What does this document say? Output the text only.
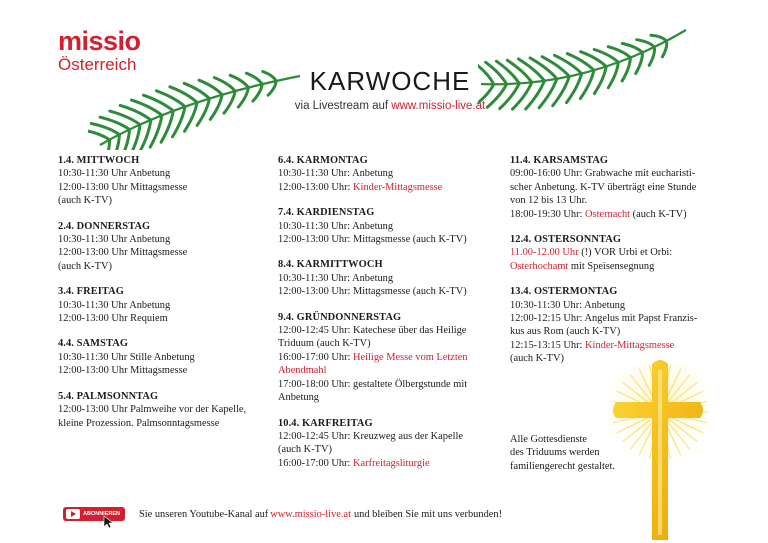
missio
Österreich
KARWOCHE
via Livestream auf www.missio-live.at
1.4. MITTWOCH
10:30-11:30 Uhr Anbetung
12:00-13:00 Uhr Mittagsmesse
(auch K-TV)
2.4. DONNERSTAG
10:30-11:30 Uhr Anbetung
12:00-13:00 Uhr Mittagsmesse
(auch K-TV)
3.4. FREITAG
10:30-11:30 Uhr Anbetung
12:00-13:00 Uhr Requiem
4.4. SAMSTAG
10:30-11:30 Uhr Stille Anbetung
12:00-13:00 Uhr Mittagsmesse
5.4. PALMSONNTAG
12:00-13:00 Uhr Palmweihe vor der Kapelle,
kleine Prozession. Palmsonntagsmesse
6.4. KARMONTAG
10:30-11:30 Uhr: Anbetung
12:00-13:00 Uhr: Kinder-Mittagsmesse
7.4. KARDIENSTAG
10:30-11:30 Uhr: Anbetung
12:00-13:00 Uhr: Mittagsmesse (auch K-TV)
8.4. KARMITTWOCH
10:30-11:30 Uhr: Anbetung
12:00-13:00 Uhr: Mittagsmesse (auch K-TV)
9.4. GRÜNDONNERSTAG
12:00-12:45 Uhr: Katechese über das Heilige
Triduum (auch K-TV)
16:00-17:00 Uhr: Heilige Messe vom Letzten
Abendmahl
17:00-18:00 Uhr: gestaltete Ölbergstunde mit
Anbetung
10.4. KARFREITAG
12:00-12:45 Uhr: Kreuzweg aus der Kapelle
(auch K-TV)
16:00-17:00 Uhr: Karfreitagsliturgie
11.4. KARSAMSTAG
09:00-16:00 Uhr: Grabwache mit eucharisti-
scher Anbetung. K-TV überträgt eine Stunde
von 12 bis 13 Uhr.
18:00-19:30 Uhr: Osternacht (auch K-TV)
12.4. OSTERSONNTAG
11.00-12.00 Uhr (!) VOR Urbi et Orbi:
Osterhochamt mit Speisensegnung
13.4. OSTERMONTAG
10:30-11:30 Uhr: Anbetung
12:00-12:15 Uhr: Angelus mit Papst Franzis-
kus aus Rom (auch K-TV)
12:15-13:15 Uhr: Kinder-Mittagsmesse
(auch K-TV)
Alle Gottesdienste
des Triduums werden
familiengerecht gestaltet.
ABONNIEREN Sie unseren Youtube-Kanal auf www.missio-live.at und bleiben Sie mit uns verbunden!
